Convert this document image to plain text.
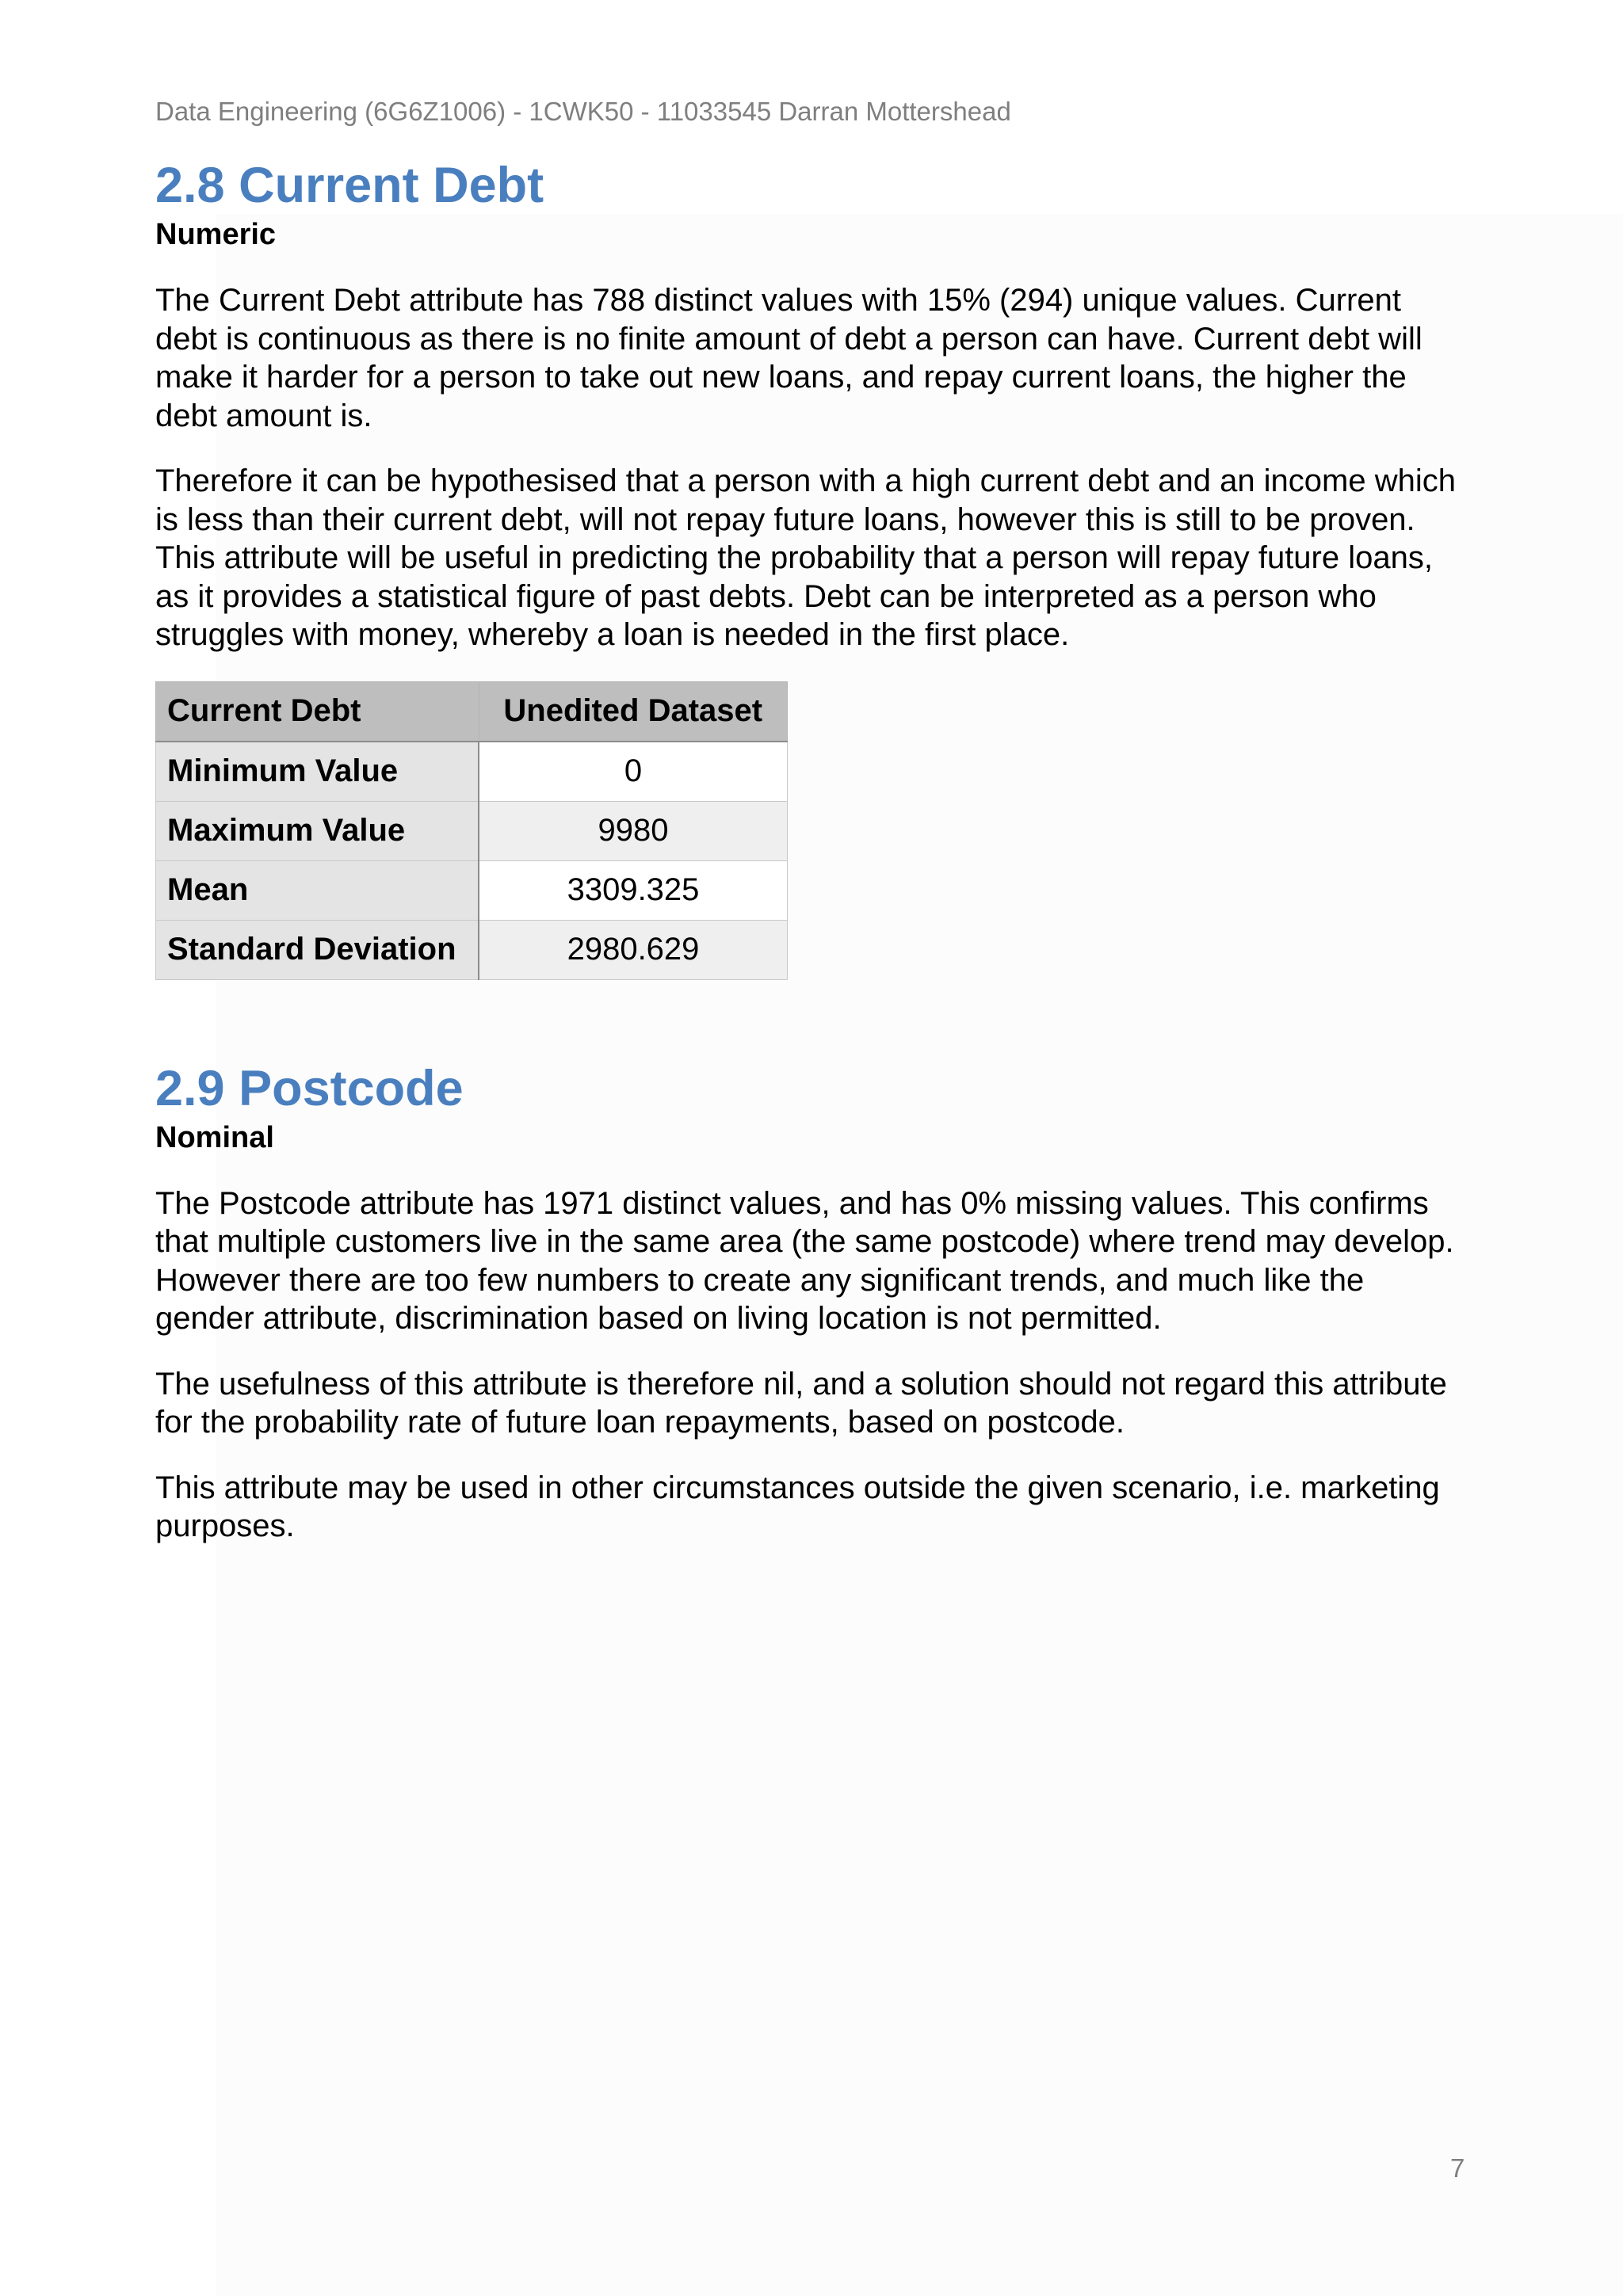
Data Engineering (6G6Z1006) - 1CWK50 - 11033545 Darran Mottershead
2.8 Current Debt
Numeric

The Current Debt attribute has 788 distinct values with 15% (294) unique values. Current debt is continuous as there is no finite amount of debt a person can have. Current debt will make it harder for a person to take out new loans, and repay current loans, the higher the debt amount is.

Therefore it can be hypothesised that a person with a high current debt and an income which is less than their current debt, will not repay future loans, however this is still to be proven. This attribute will be useful in predicting the probability that a person will repay future loans, as it provides a statistical figure of past debts. Debt can be interpreted as a person who struggles with money, whereby a loan is needed in the first place.

Current Debt	Unedited Dataset
Minimum Value	0
Maximum Value	9980
Mean	3309.325
Standard Deviation	2980.629
2.9 Postcode
Nominal

The Postcode attribute has 1971 distinct values, and has 0% missing values. This confirms that multiple customers live in the same area (the same postcode) where trend may develop. However there are too few numbers to create any significant trends, and much like the gender attribute, discrimination based on living location is not permitted.

The usefulness of this attribute is therefore nil, and a solution should not regard this attribute for the probability rate of future loan repayments, based on postcode.

This attribute may be used in other circumstances outside the given scenario, i.e. marketing purposes.

7
